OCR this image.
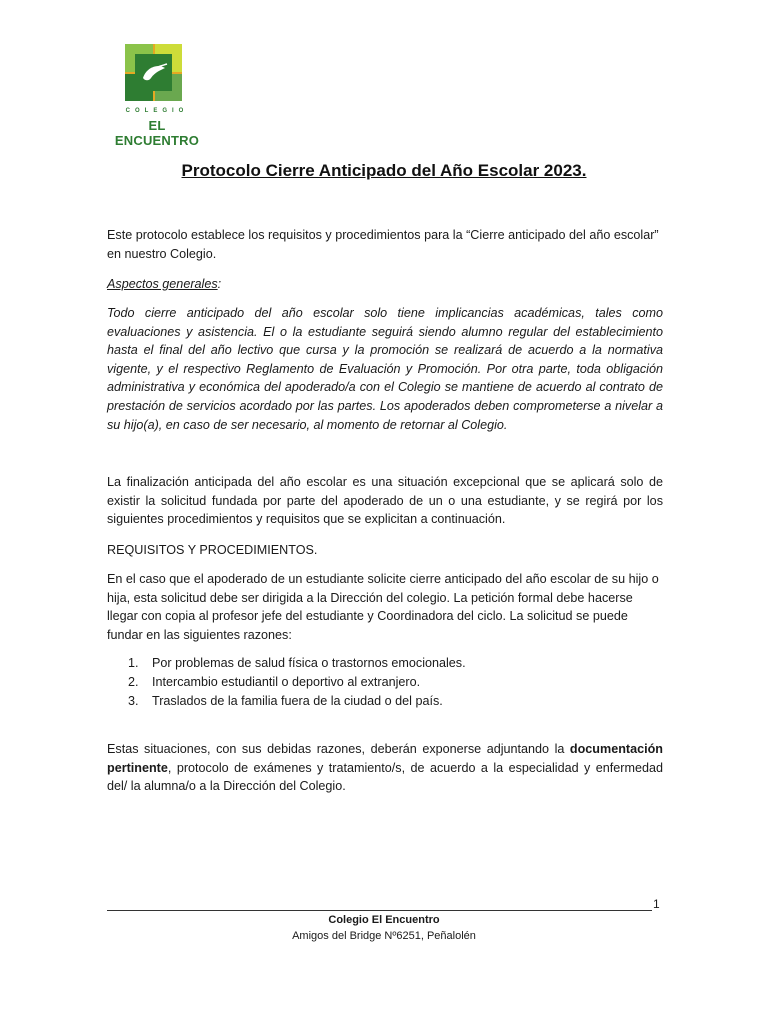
COLEGIO
EL ENCUENTRO
Protocolo Cierre Anticipado del Año Escolar 2023.
Este protocolo establece los requisitos y procedimientos para la “Cierre anticipado del año escolar” en nuestro Colegio.
Aspectos generales:
Todo cierre anticipado del año escolar solo tiene implicancias académicas, tales como evaluaciones y asistencia. El o la estudiante seguirá siendo alumno regular del establecimiento hasta el final del año lectivo que cursa y la promoción se realizará de acuerdo a la normativa vigente, y el respectivo Reglamento de Evaluación y Promoción. Por otra parte, toda obligación administrativa y económica del apoderado/a con el Colegio se mantiene de acuerdo al contrato de prestación de servicios acordado por las partes. Los apoderados deben comprometerse a nivelar a su hijo(a), en caso de ser necesario, al momento de retornar al Colegio.
La finalización anticipada del año escolar es una situación excepcional que se aplicará solo de existir la solicitud fundada por parte del apoderado de un o una estudiante, y se regirá por los siguientes procedimientos y requisitos que se explicitan a continuación.
REQUISITOS Y PROCEDIMIENTOS.
En el caso que el apoderado de un estudiante solicite cierre anticipado del año escolar de su hijo o hija, esta solicitud debe ser dirigida a la Dirección del colegio. La petición formal debe hacerse llegar con copia al profesor jefe del estudiante y Coordinadora del ciclo. La solicitud se puede fundar en las siguientes razones:
1.	Por problemas de salud física o trastornos emocionales.
2.	Intercambio estudiantil o deportivo al extranjero.
3.	Traslados de la familia fuera de la ciudad o del país.
Estas situaciones, con sus debidas razones, deberán exponerse adjuntando la documentación pertinente, protocolo de exámenes y tratamiento/s, de acuerdo a la especialidad y enfermedad del/ la alumna/o a la Dirección del Colegio.
1
Colegio El Encuentro
Amigos del Bridge Nº6251, Peñalolén
